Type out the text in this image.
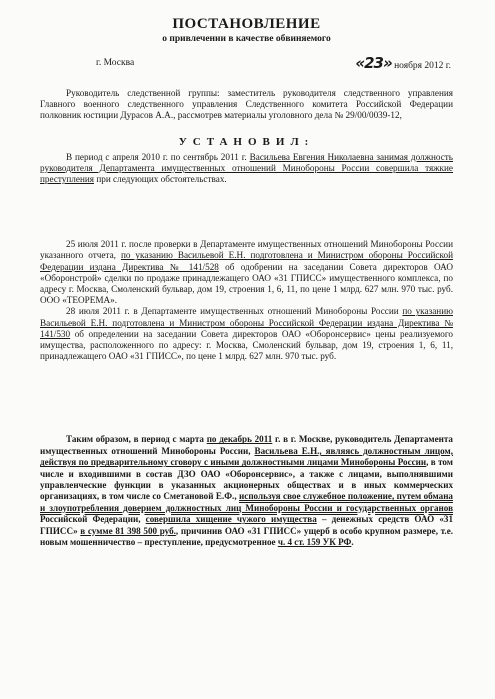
ПОСТАНОВЛЕНИЕ
о привлечении в качестве обвиняемого
г. Москва	«23» ноября 2012 г.

Руководитель следственной группы: заместитель руководителя следственного управления Главного военного следственного управления Следственного комитета Российской Федерации полковник юстиции Дурасов А.А., рассмотрев материалы уголовного дела № 29/00/0039-12,

УСТАНОВИЛ:

В период с апреля 2010 г. по сентябрь 2011 г. Васильева Евгения Николаевна занимая должность руководителя Департамента имущественных отношений Минобороны России совершила тяжкие преступления при следующих обстоятельствах.

25 июля 2011 г. после проверки в Департаменте имущественных отношений Минобороны России указанного отчета, по указанию Васильевой Е.Н. подготовлена и Министром обороны Российской Федерации издана Директива № 141/528 об одобрении на заседании Совета директоров ОАО «Оборонстрой» сделки по продаже принадлежащего ОАО «31 ГПИСС» имущественного комплекса, по адресу г. Москва, Смоленский бульвар, дом 19, строения 1, 6, 11, по цене 1 млрд. 627 млн. 970 тыс. руб. ООО «ТЕОРЕМА».

28 июля 2011 г. в Департаменте имущественных отношений Минобороны России по указанию Васильевой Е.Н. подготовлена и Министром обороны Российской Федерации издана Директива № 141/530 об определении на заседании Совета директоров ОАО «Оборонсервис» цены реализуемого имущества, расположенного по адресу: г. Москва, Смоленский бульвар, дом 19, строения 1, 6, 11, принадлежащего ОАО «31 ГПИСС», по цене 1 млрд. 627 млн. 970 тыс. руб.

Таким образом, в период с марта по декабрь 2011 г. в г. Москве, руководитель Департамента имущественных отношений Минобороны России, Васильева Е.Н., являясь должностным лицом, действуя по предварительному сговору с иными должностными лицами Минобороны России, в том числе и входившими в состав ДЗО ОАО «Оборонсервис», а также с лицами, выполнявшими управленческие функции в указанных акционерных обществах и в иных коммерческих организациях, в том числе со Сметановой Е.Ф., используя свое служебное положение, путем обмана и злоупотребления доверием должностных лиц Минобороны России и государственных органов Российской Федерации, совершила хищение чужого имущества – денежных средств ОАО «31 ГПИСС» в сумме 81 398 500 руб., причинив ОАО «31 ГПИСС» ущерб в особо крупном размере, т.е. новым мошенничество – преступление, предусмотренное ч. 4 ст. 159 УК РФ.
